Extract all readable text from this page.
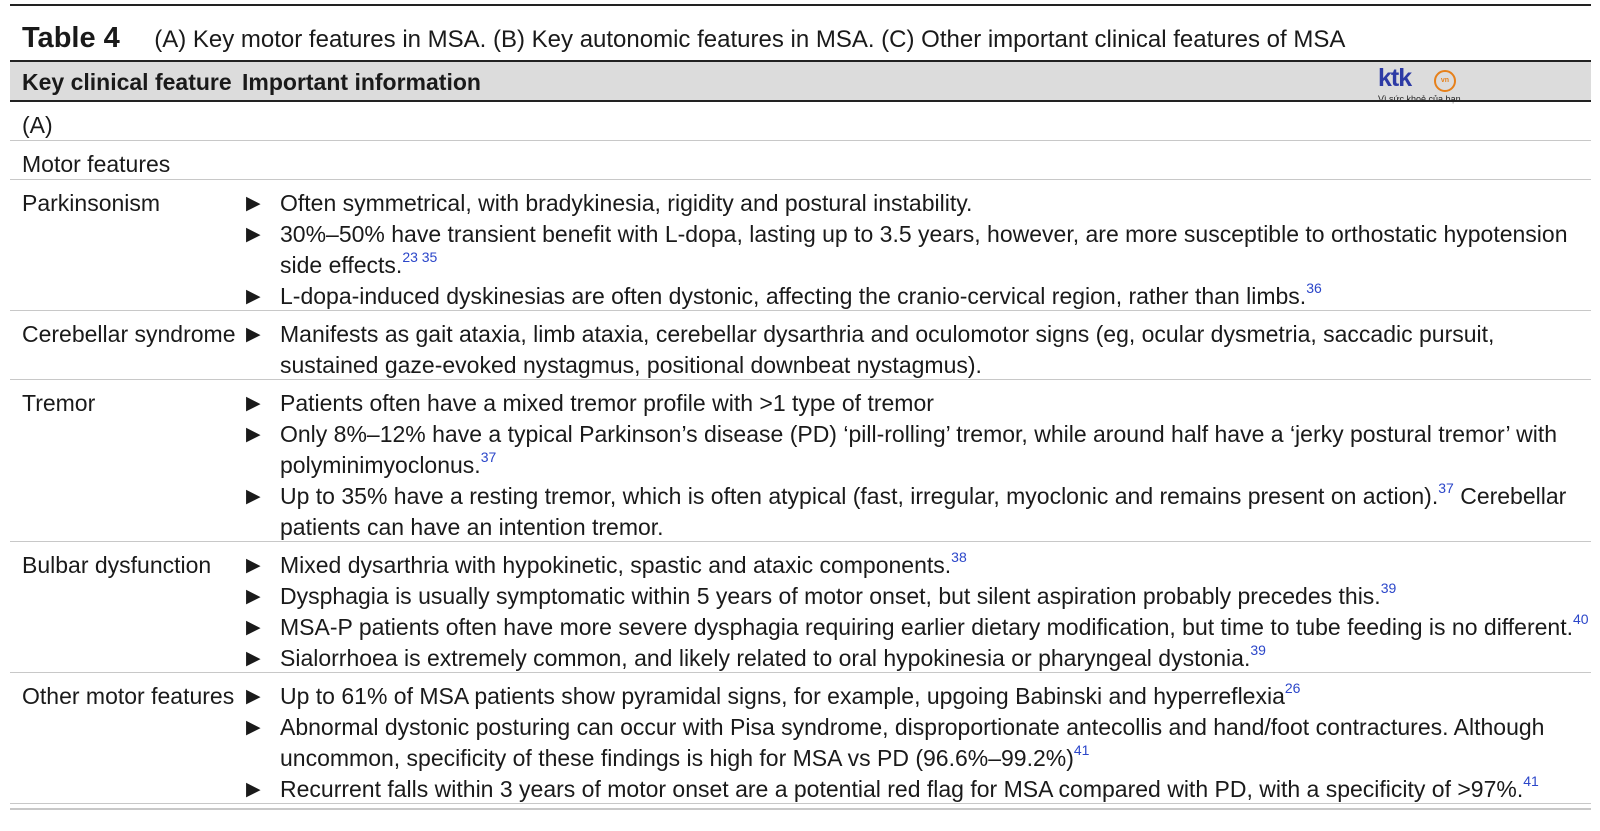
Table 4 (A) Key motor features in MSA. (B) Key autonomic features in MSA. (C) Other important clinical features of MSA
Key clinical feature Important information	ktk	vn
Vì sức khoẻ của bạn
(A)
Motor features
Parkinsonism	▶ Often symmetrical, with bradykinesia, rigidity and postural instability.
▶ 30%–50% have transient benefit with L-dopa, lasting up to 3.5 years, however, are more susceptible to orthostatic hypotension side effects.$^{23 35}$
▶ L-dopa-induced dyskinesias are often dystonic, affecting the cranio-cervical region, rather than limbs.$^{36}$
Cerebellar syndrome ▶ Manifests as gait ataxia, limb ataxia, cerebellar dysarthria and oculomotor signs (eg, ocular dysmetria, saccadic pursuit, sustained gaze-evoked nystagmus, positional downbeat nystagmus).
Tremor	▶ Patients often have a mixed tremor profile with >1 type of tremor
▶ Only 8%–12% have a typical Parkinson’s disease (PD) ‘pill-rolling’ tremor, while around half have a ‘jerky postural tremor’ with polyminimyoclonus.$^{37}$
▶ Up to 35% have a resting tremor, which is often atypical (fast, irregular, myoclonic and remains present on action).$^{37}$ Cerebellar patients can have an intention tremor.
Bulbar dysfunction ▶ Mixed dysarthria with hypokinetic, spastic and ataxic components.$^{38}$
▶ Dysphagia is usually symptomatic within 5 years of motor onset, but silent aspiration probably precedes this.$^{39}$
▶ MSA-P patients often have more severe dysphagia requiring earlier dietary modification, but time to tube feeding is no different.$^{40}$
▶ Sialorrhoea is extremely common, and likely related to oral hypokinesia or pharyngeal dystonia.$^{39}$
Other motor features ▶ Up to 61% of MSA patients show pyramidal signs, for example, upgoing Babinski and hyperreflexia$^{26}$
▶ Abnormal dystonic posturing can occur with Pisa syndrome, disproportionate antecollis and hand/foot contractures. Although uncommon, specificity of these findings is high for MSA vs PD $(96.6\%-99.2\%)^{41}$
▶ Recurrent falls within 3 years of motor onset are a potential red flag for MSA compared with PD, with a specificity of >97%.$^{41}$
